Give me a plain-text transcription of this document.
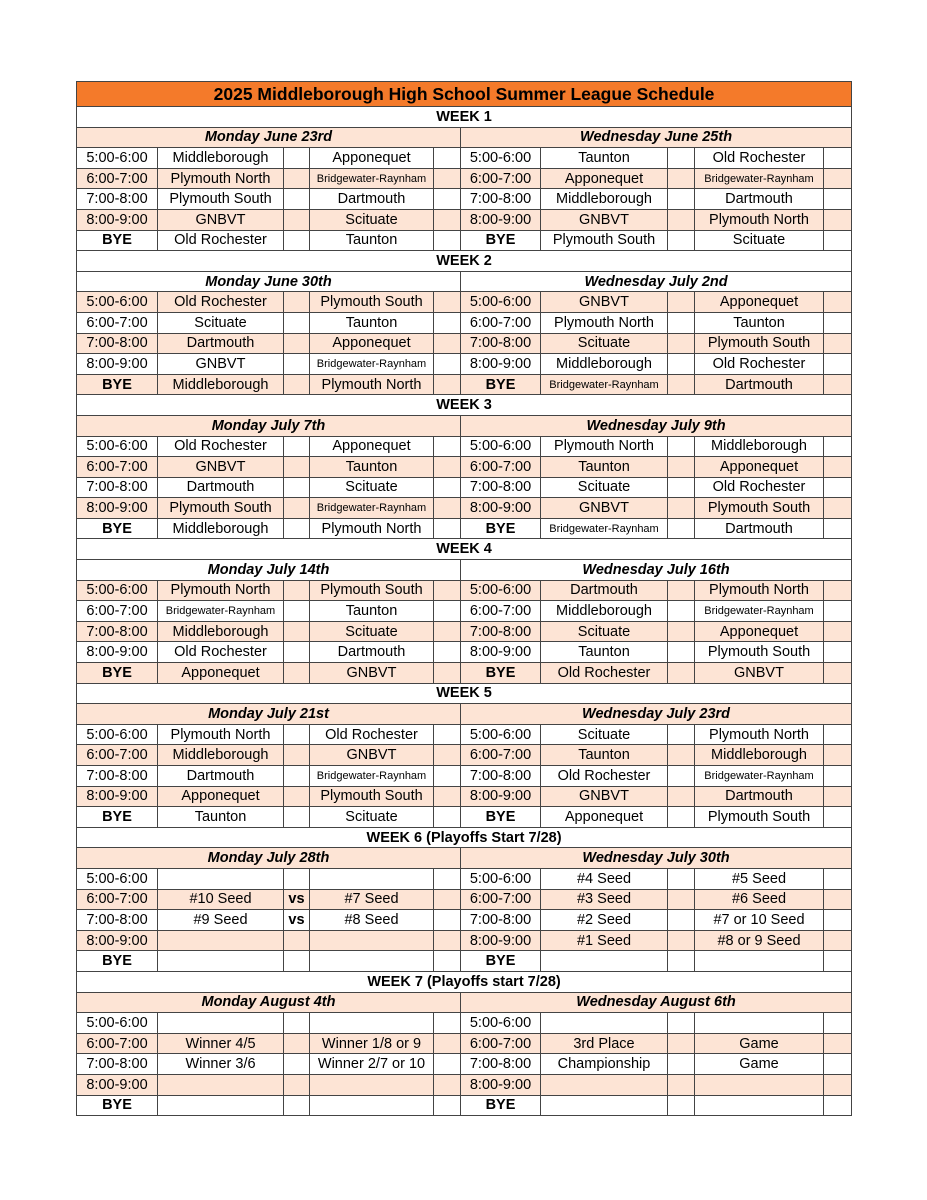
2025 Middleborough High School Summer League Schedule									
WEEK 1									
Monday June 23rd					Wednesday June 25th				
5:00-6:00	Middleborough		Apponequet		5:00-6:00	Taunton		Old Rochester	
6:00-7:00	Plymouth North		Bridgewater-Raynham		6:00-7:00	Apponequet		Bridgewater-Raynham	
7:00-8:00	Plymouth South		Dartmouth		7:00-8:00	Middleborough		Dartmouth	
8:00-9:00	GNBVT		Scituate		8:00-9:00	GNBVT		Plymouth North	
BYE	Old Rochester		Taunton		BYE	Plymouth South		Scituate	
WEEK 2									
Monday June 30th					Wednesday July 2nd				
5:00-6:00	Old Rochester		Plymouth South		5:00-6:00	GNBVT		Apponequet	
6:00-7:00	Scituate		Taunton		6:00-7:00	Plymouth North		Taunton	
7:00-8:00	Dartmouth		Apponequet		7:00-8:00	Scituate		Plymouth South	
8:00-9:00	GNBVT		Bridgewater-Raynham		8:00-9:00	Middleborough		Old Rochester	
BYE	Middleborough		Plymouth North		BYE	Bridgewater-Raynham		Dartmouth	
WEEK 3									
Monday July 7th					Wednesday July 9th				
5:00-6:00	Old Rochester		Apponequet		5:00-6:00	Plymouth North		Middleborough	
6:00-7:00	GNBVT		Taunton		6:00-7:00	Taunton		Apponequet	
7:00-8:00	Dartmouth		Scituate		7:00-8:00	Scituate		Old Rochester	
8:00-9:00	Plymouth South		Bridgewater-Raynham		8:00-9:00	GNBVT		Plymouth South	
BYE	Middleborough		Plymouth North		BYE	Bridgewater-Raynham		Dartmouth	
WEEK 4									
Monday July 14th					Wednesday July 16th				
5:00-6:00	Plymouth North		Plymouth South		5:00-6:00	Dartmouth		Plymouth North	
6:00-7:00	Bridgewater-Raynham		Taunton		6:00-7:00	Middleborough		Bridgewater-Raynham	
7:00-8:00	Middleborough		Scituate		7:00-8:00	Scituate		Apponequet	
8:00-9:00	Old Rochester		Dartmouth		8:00-9:00	Taunton		Plymouth South	
BYE	Apponequet		GNBVT		BYE	Old Rochester		GNBVT	
WEEK 5									
Monday July 21st					Wednesday July 23rd				
5:00-6:00	Plymouth North		Old Rochester		5:00-6:00	Scituate		Plymouth North	
6:00-7:00	Middleborough		GNBVT		6:00-7:00	Taunton		Middleborough	
7:00-8:00	Dartmouth		Bridgewater-Raynham		7:00-8:00	Old Rochester		Bridgewater-Raynham	
8:00-9:00	Apponequet		Plymouth South		8:00-9:00	GNBVT		Dartmouth	
BYE	Taunton		Scituate		BYE	Apponequet		Plymouth South	
WEEK 6 (Playoffs Start 7/28)									
Monday July 28th					Wednesday July 30th				
5:00-6:00					5:00-6:00	#4 Seed		#5 Seed	
6:00-7:00	#10 Seed	vs	#7 Seed		6:00-7:00	#3 Seed		#6 Seed	
7:00-8:00	#9 Seed	vs	#8 Seed		7:00-8:00	#2 Seed		#7 or 10 Seed	
8:00-9:00					8:00-9:00	#1 Seed		#8 or 9 Seed	
BYE					BYE				
WEEK 7 (Playoffs start 7/28)									
Monday August 4th					Wednesday August 6th				
5:00-6:00					5:00-6:00				
6:00-7:00	Winner 4/5		Winner 1/8 or 9		6:00-7:00	3rd Place		Game	
7:00-8:00	Winner 3/6		Winner 2/7 or 10		7:00-8:00	Championship		Game	
8:00-9:00					8:00-9:00				
BYE					BYE				
